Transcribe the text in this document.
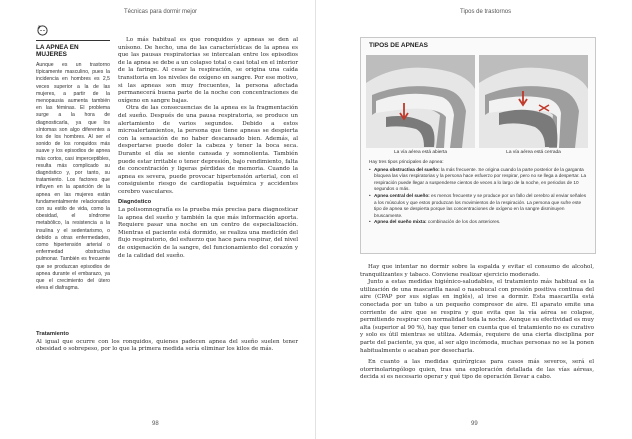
Técnicas para dormir mejor
LA APNEA EN MUJERES

Aunque es un trastorno típicamente masculino, pues la incidencia en hombres es 2,5 veces superior a la de las mujeres, a partir de la menopausia aumenta también en las féminas. El problema surge a la hora de diagnosticarla, ya que los síntomas son algo diferentes a los de los hombres. Al ser el sonido de los ronquidos más suave y los episodios de apnea más cortos, casi imperceptibles, resulta más complicado su diagnóstico y, por tanto, su tratamiento. Los factores que influyen en la aparición de la apnea en las mujeres están fundamentalmente relacionados con su estilo de vida, como la obesidad, el síndrome metabólico, la resistencia a la insulina y el sedentarismo, o debido a otras enfermedades, como hipertensión arterial o enfermedad obstructiva pulmonar. También es frecuente que se produzcan episodios de apnea durante el embarazo, ya que el crecimiento del útero eleva el diafragma.

Lo más habitual es que ronquidos y apneas se den al unísono. De hecho, una de las características de la apnea es que las pausas respiratorias se intercalan entre los episodios de la apnea se debe a un colapso total o casi total en el interior de la faringe. Al cesar la respiración, se origina una caída transitoria en los niveles de oxígeno en sangre. Por ese motivo, si las apneas son muy frecuentes, la persona afectada permanecerá buena parte de la noche con concentraciones de oxígeno en sangre bajas.

Otra de las consecuencias de la apnea es la fragmentación del sueño. Después de una pausa respiratoria, se produce un alertamiento de varios segundos. Debido a estos microalertamientos, la persona que tiene apneas se despierta con la sensación de no haber descansado bien. Además, al despertarse puede doler la cabeza y tener la boca seca. Durante el día se siente cansada y somnolienta. También puede estar irritable o tener depresión, bajo rendimiento, falta de concentración y ligeras pérdidas de memoria. Cuando la apnea es severa, puede provocar hipertensión arterial, con el consiguiente riesgo de cardiopatía isquémica y accidentes cerebro vasculares.

Diagnóstico

La polisomnografía es la prueba más precisa para diagnosticar la apnea del sueño y también la que más información aporta. Requiere pasar una noche en un centro de especialización. Mientras el paciente está dormido, se realiza una medición del flujo respiratorio, del esfuerzo que hace para respirar, del nivel de oxigenación de la sangre, del funcionamiento del corazón y de la calidad del sueño.

Tratamiento

Al igual que ocurre con los ronquidos, quienes padecen apnea del sueño suelen tener obesidad o sobrepeso, por lo que la primera medida sería eliminar los kilos de más.

98
Tipos de trastornos
99
TIPOS DE APNEAS
La vía aérea está abierta	La vía aérea está cerrada
Hay tres tipos principales de apnea:
• Apnea obstructiva del sueño: la más frecuente. Se origina cuando la parte posterior de la garganta bloquea las vías respiratorias y la persona hace esfuerzo por respirar, pero no se llega a despertar. La respiración puede llegar a suspenderse cientos de veces a lo largo de la noche, en periodos de 10 segundos o más.
• Apnea central del sueño: es menos frecuente y se produce por un fallo del cerebro al enviar señales a los músculos y que estos produzcan los movimientos de la respiración. La persona que sufre este tipo de apnea se despierta porque las concentraciones de oxígeno en la sangre disminuyen bruscamente.
• Apnea del sueño mixta: combinación de los dos anteriores.

Hay que intentar no dormir sobre la espalda y evitar el consumo de alcohol, tranquilizantes y tabaco. Conviene realizar ejercicio moderado.

Junto a estas medidas higiénico-saludables, el tratamiento más habitual es la utilización de una mascarilla nasal o nasobucal con presión positiva continua del aire (CPAP por sus siglas en inglés), al irse a dormir. Esta mascarilla está conectada por un tubo a un pequeño compresor de aire. El aparato emite una corriente de aire que se respira y que evita que la vía aérea se colapse, permitiendo respirar con normalidad toda la noche. Aunque su efectividad es muy alta (superior al 90 %), hay que tener en cuenta que el tratamiento no es curativo y solo es útil mientras se utiliza. Además, requiere de una cierta disciplina por parte del paciente, ya que, al ser algo incómoda, muchas personas no se la ponen habitualmente o acaban por desecharla.

En cuanto a las medidas quirúrgicas para casos más severos, será el otorrinolaringólogo quien, tras una exploración detallada de las vías aéreas, decida si es necesario operar y qué tipo de operación llevar a cabo.
